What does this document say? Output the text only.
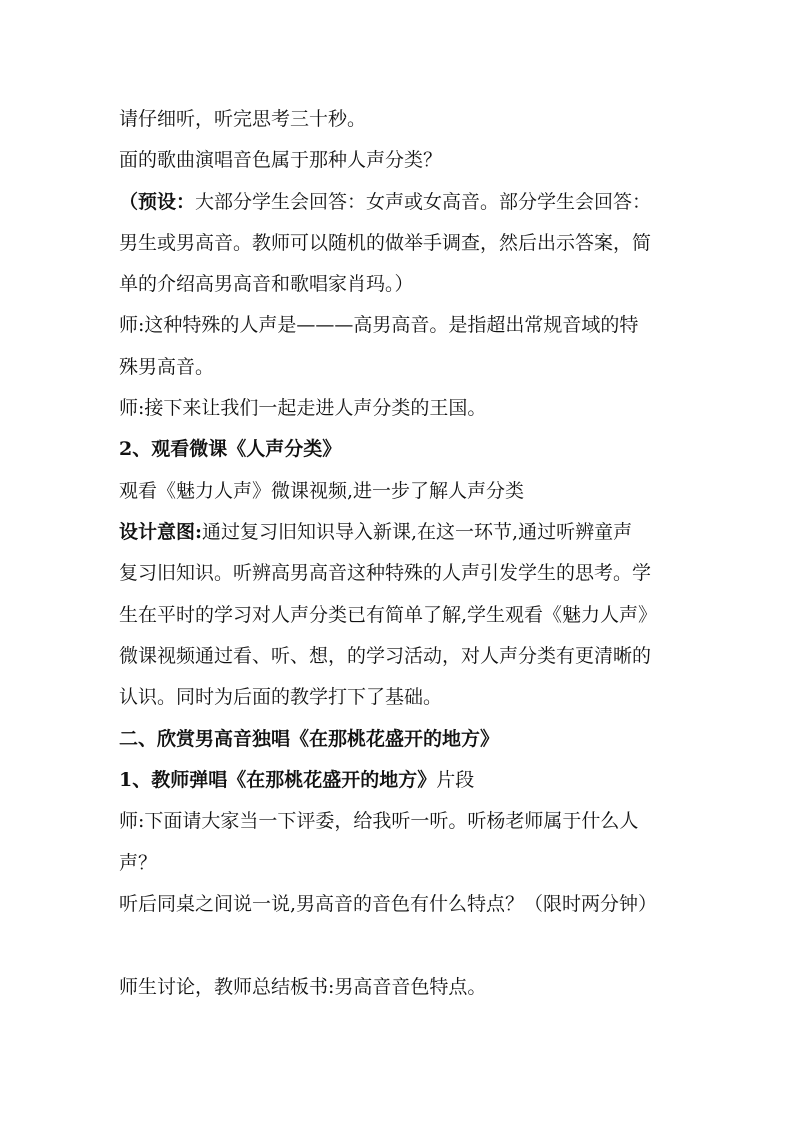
请仔细听，听完思考三十秒。
面的歌曲演唱音色属于那种人声分类？
（预设：大部分学生会回答：女声或女高音。部分学生会回答：
男生或男高音。教师可以随机的做举手调查，然后出示答案，简
单的介绍高男高音和歌唱家肖玛。）
师:这种特殊的人声是———高男高音。是指超出常规音域的特
殊男高音。
师:接下来让我们一起走进人声分类的王国。
2、观看微课《人声分类》
观看《魅力人声》微课视频,进一步了解人声分类
设计意图:通过复习旧知识导入新课,在这一环节,通过听辨童声
复习旧知识。听辨高男高音这种特殊的人声引发学生的思考。学
生在平时的学习对人声分类已有简单了解,学生观看《魅力人声》
微课视频通过看、听、想，的学习活动，对人声分类有更清晰的
认识。同时为后面的教学打下了基础。
二、欣赏男高音独唱《在那桃花盛开的地方》
1、教师弹唱《在那桃花盛开的地方》片段
师:下面请大家当一下评委，给我听一听。听杨老师属于什么人
声？
听后同桌之间说一说,男高音的音色有什么特点？（限时两分钟）
师生讨论，教师总结板书:男高音音色特点。
